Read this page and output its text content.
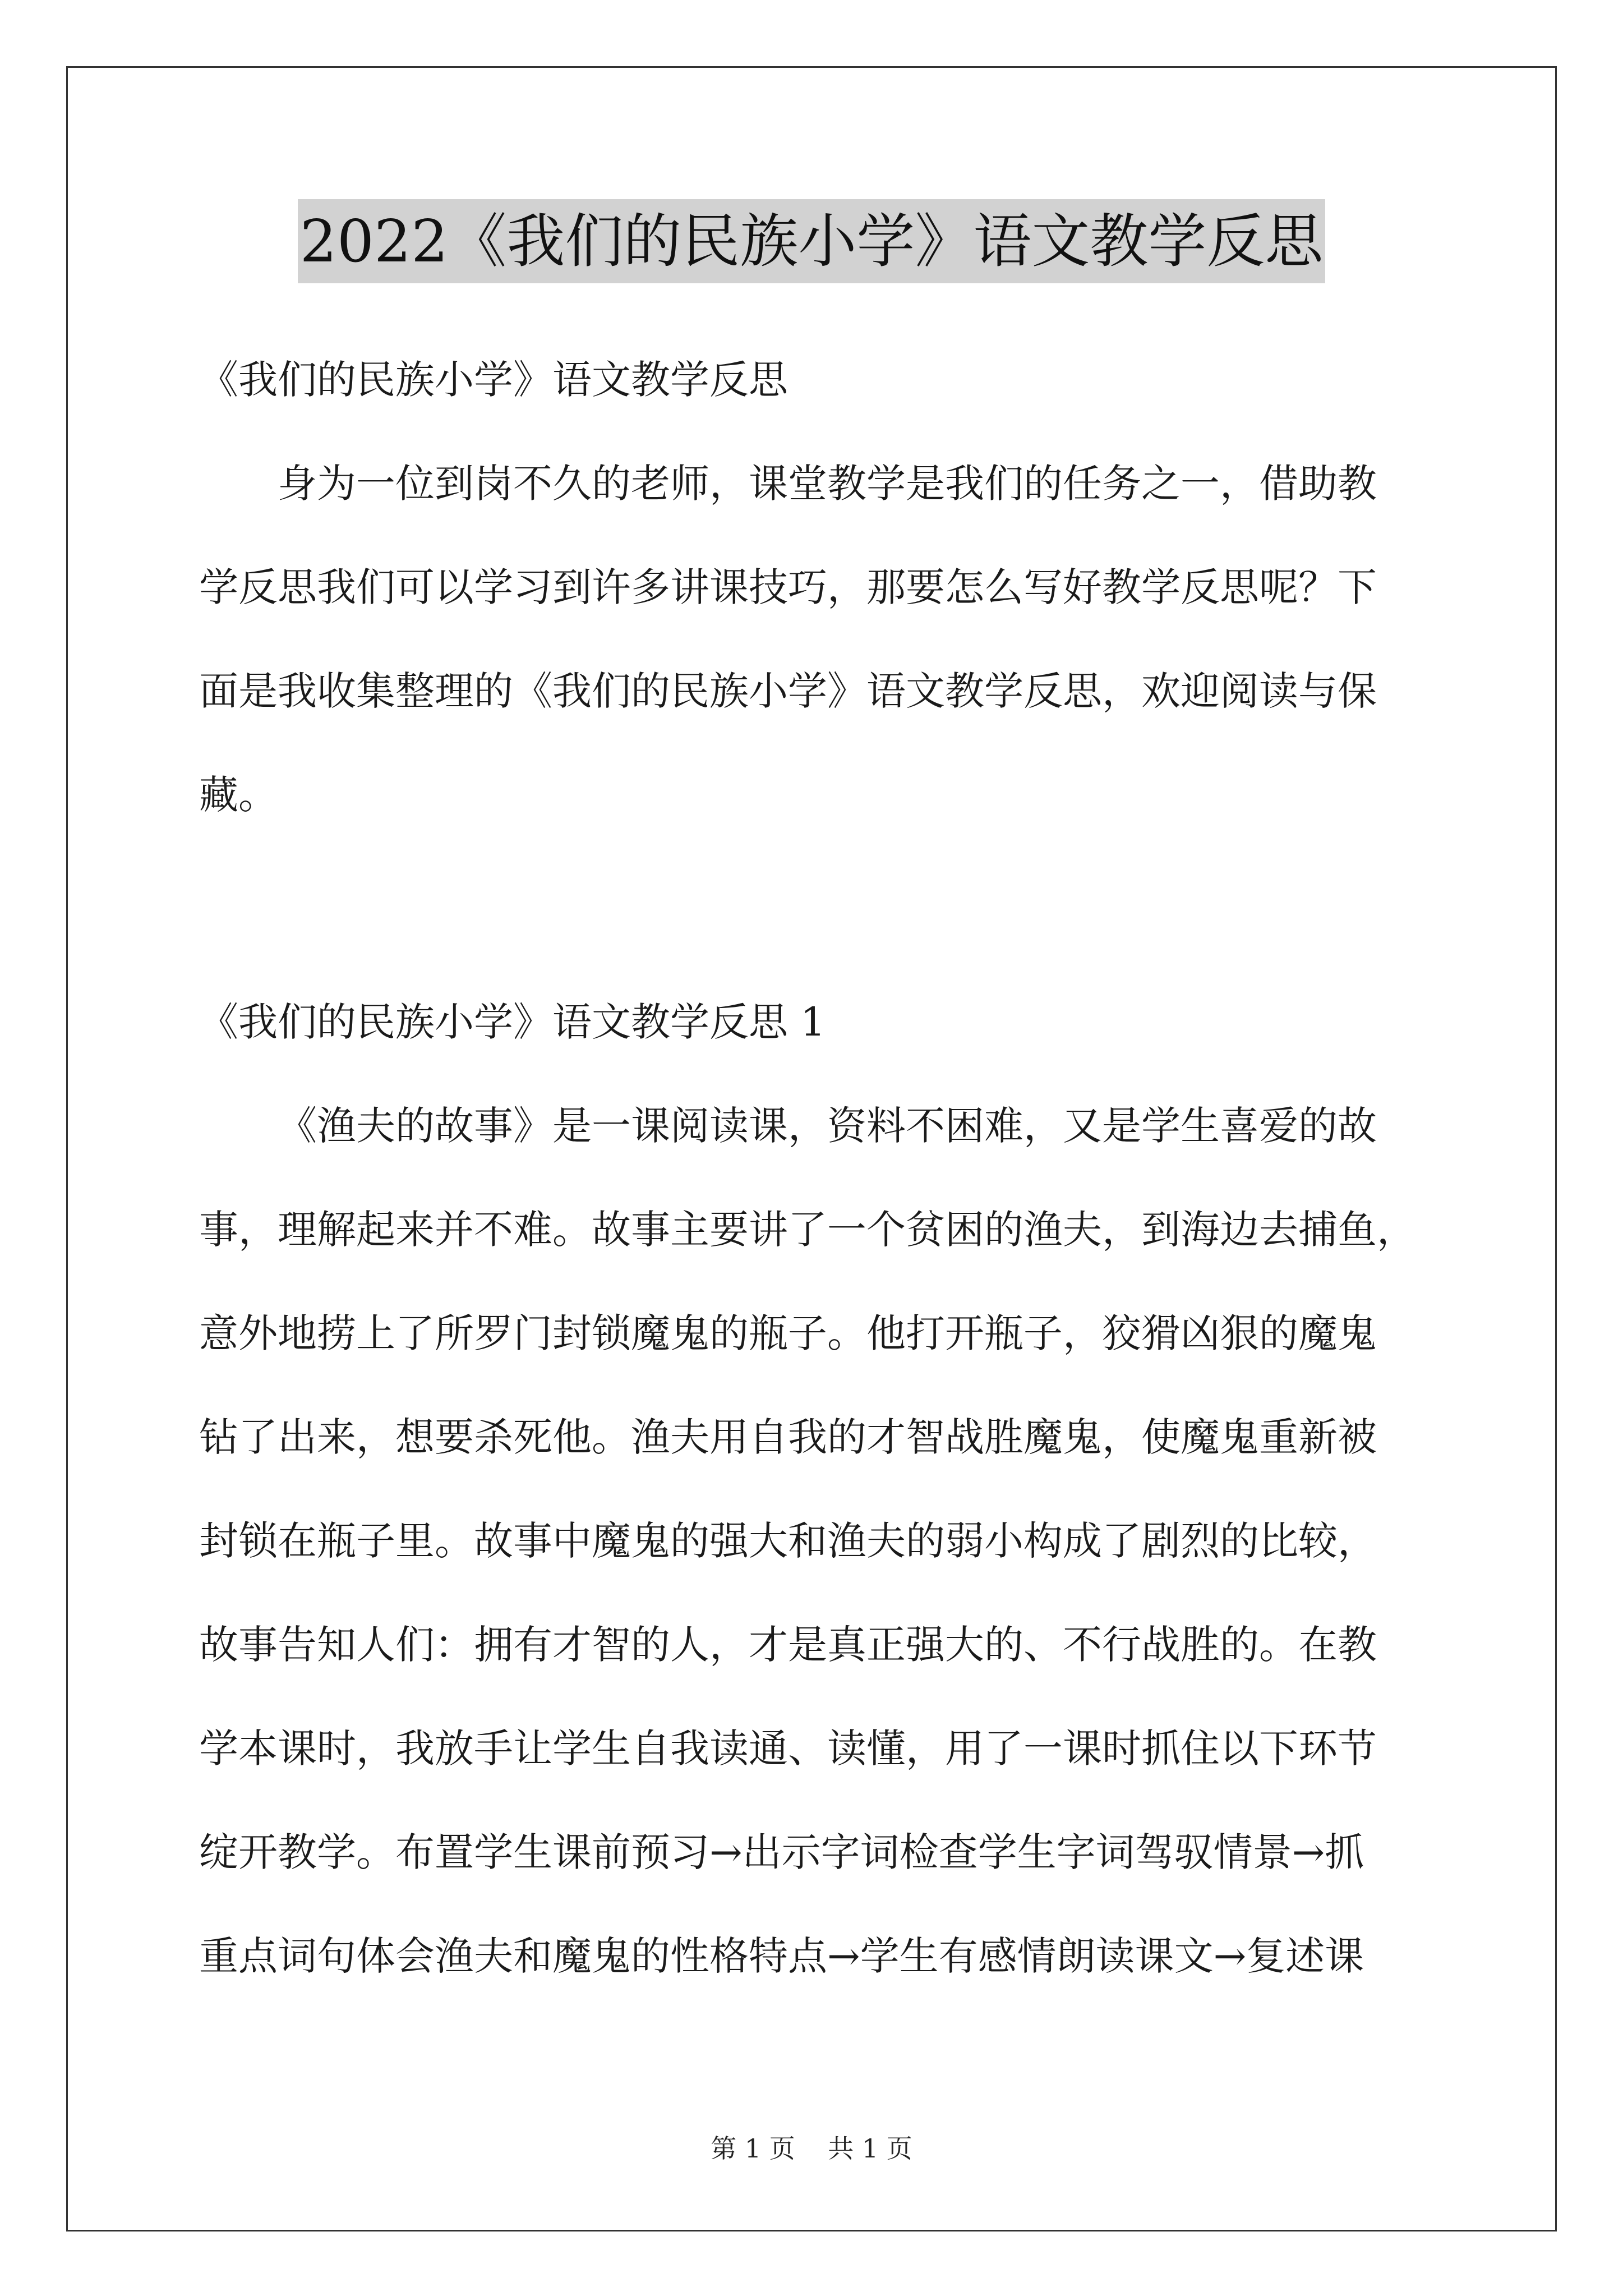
2022《我们的民族小学》语文教学反思
《我们的民族小学》语文教学反思
身为一位到岗不久的老师，课堂教学是我们的任务之一，借助教
学反思我们可以学习到许多讲课技巧，那要怎么写好教学反思呢？下
面是我收集整理的《我们的民族小学》语文教学反思，欢迎阅读与保
藏。
《我们的民族小学》语文教学反思 1
《渔夫的故事》是一课阅读课，资料不困难，又是学生喜爱的故
事，理解起来并不难。故事主要讲了一个贫困的渔夫，到海边去捕鱼，
意外地捞上了所罗门封锁魔鬼的瓶子。他打开瓶子，狡猾凶狠的魔鬼
钻了出来，想要杀死他。渔夫用自我的才智战胜魔鬼，使魔鬼重新被
封锁在瓶子里。故事中魔鬼的强大和渔夫的弱小构成了剧烈的比较，
故事告知人们：拥有才智的人，才是真正强大的、不行战胜的。在教
学本课时，我放手让学生自我读通、读懂，用了一课时抓住以下环节
绽开教学。布置学生课前预习→出示字词检查学生字词驾驭情景→抓
重点词句体会渔夫和魔鬼的性格特点→学生有感情朗读课文→复述课
第 1 页    共 1 页
